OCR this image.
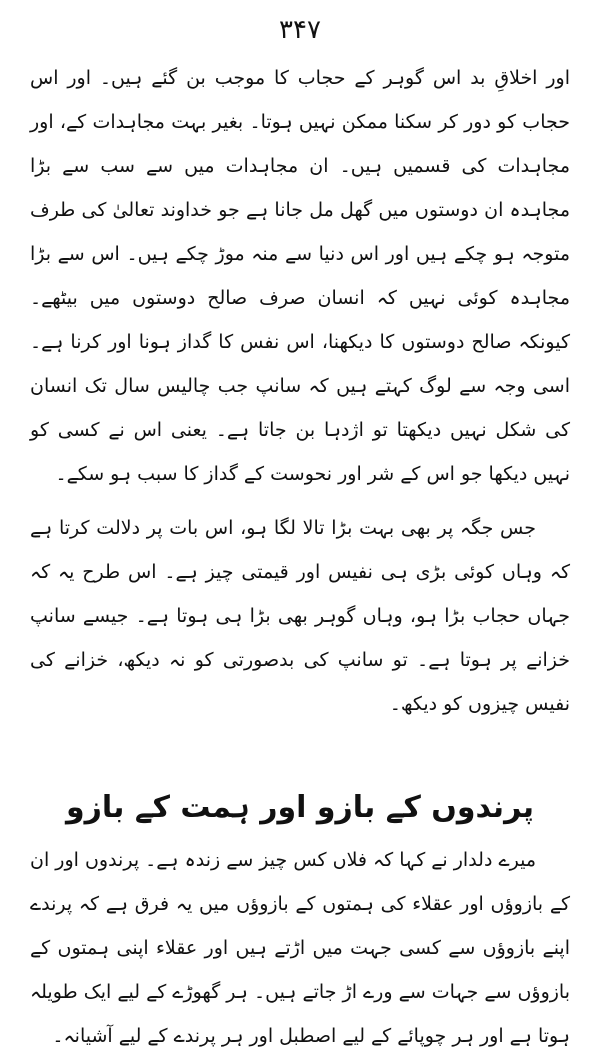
۳۴۷

اور اخلاقِ بد اس گوہر کے حجاب کا موجب بن گئے ہیں۔ اور اس حجاب کو دور کر سکنا ممکن نہیں ہوتا۔ بغیر بہت مجاہدات کے، اور مجاہدات کی قسمیں ہیں۔ ان مجاہدات میں سے سب سے بڑا مجاہدہ ان دوستوں میں گھل مل جانا ہے جو خداوند تعالیٰ کی طرف متوجہ ہو چکے ہیں اور اس دنیا سے منہ موڑ چکے ہیں۔ اس سے بڑا مجاہدہ کوئی نہیں کہ انسان صرف صالح دوستوں میں بیٹھے۔ کیونکہ صالح دوستوں کا دیکھنا، اس نفس کا گداز ہونا اور کرنا ہے۔ اسی وجہ سے لوگ کہتے ہیں کہ سانپ جب چالیس سال تک انسان کی شکل نہیں دیکھتا تو اژدہا بن جاتا ہے۔ یعنی اس نے کسی کو نہیں دیکھا جو اس کے شر اور نحوست کے گداز کا سبب ہو سکے۔

جس جگہ پر بھی بہت بڑا تالا لگا ہو، اس بات پر دلالت کرتا ہے کہ وہاں کوئی بڑی ہی نفیس اور قیمتی چیز ہے۔ اس طرح یہ کہ جہاں حجاب بڑا ہو، وہاں گوہر بھی بڑا ہی ہوتا ہے۔ جیسے سانپ خزانے پر ہوتا ہے۔ تو سانپ کی بدصورتی کو نہ دیکھ، خزانے کی نفیس چیزوں کو دیکھ۔

پرندوں کے بازو اور ہمت کے بازو

میرے دلدار نے کہا کہ فلاں کس چیز سے زندہ ہے۔ پرندوں اور ان کے بازوؤں اور عقلاء کی ہمتوں کے بازوؤں میں یہ فرق ہے کہ پرندے اپنے بازوؤں سے کسی جہت میں اڑتے ہیں اور عقلاء اپنی ہمتوں کے بازوؤں سے جہات سے ورے اڑ جاتے ہیں۔ ہر گھوڑے کے لیے ایک طویلہ ہوتا ہے اور ہر چوپائے کے لیے اصطبل اور ہر پرندے کے لیے آشیانہ۔
